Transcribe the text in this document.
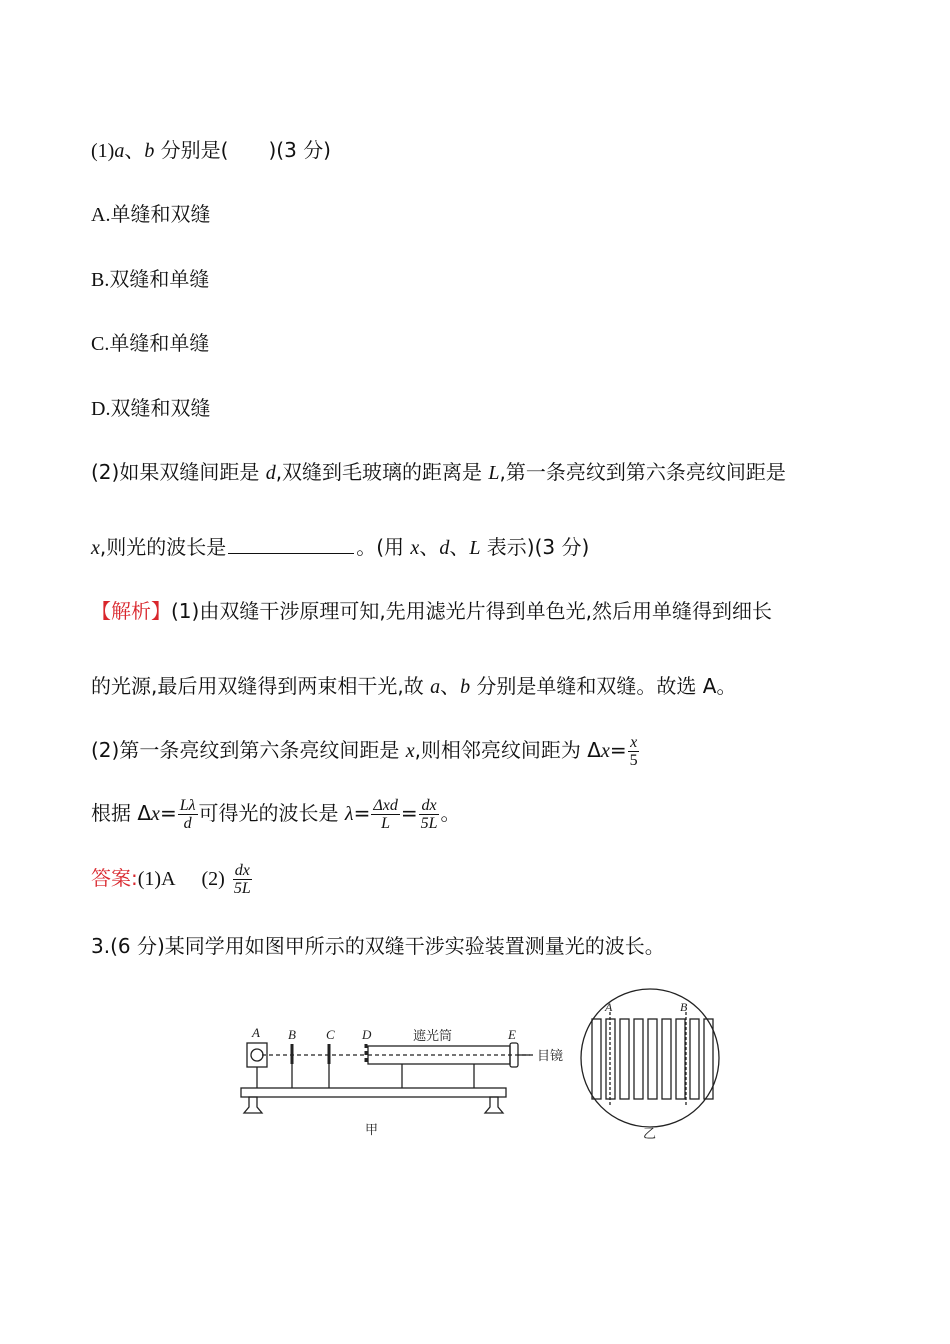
(1)a、b 分别是( )(3 分)
A.单缝和双缝
B.双缝和单缝
C.单缝和单缝
D.双缝和双缝
(2)如果双缝间距是 d,双缝到毛玻璃的距离是 L,第一条亮纹到第六条亮纹间距是
x,则光的波长是	。(用 x、d、L 表示)(3 分)
【解析】(1)由双缝干涉原理可知,先用滤光片得到单色光,然后用单缝得到细长
的光源,最后用双缝得到两束相干光,故 a、b 分别是单缝和双缝。故选 A。
(2)第一条亮纹到第六条亮纹间距是 x,则相邻亮纹间距为 $\Delta x= \frac{x}{5}$
根据 $\Delta x= \frac{L\lambda}{d}$ 可得光的波长是 $\lambda= \frac{\text{Δxd}}{L} = \frac{dx}{5L}$ 。
答案:(1)A $(2) \frac{dx}{5L}$
3.(6 分)某同学用如图甲所示的双缝干涉实验装置测量光的波长。
A B C D	E
遮光筒
目镜
甲
A	B
乙
